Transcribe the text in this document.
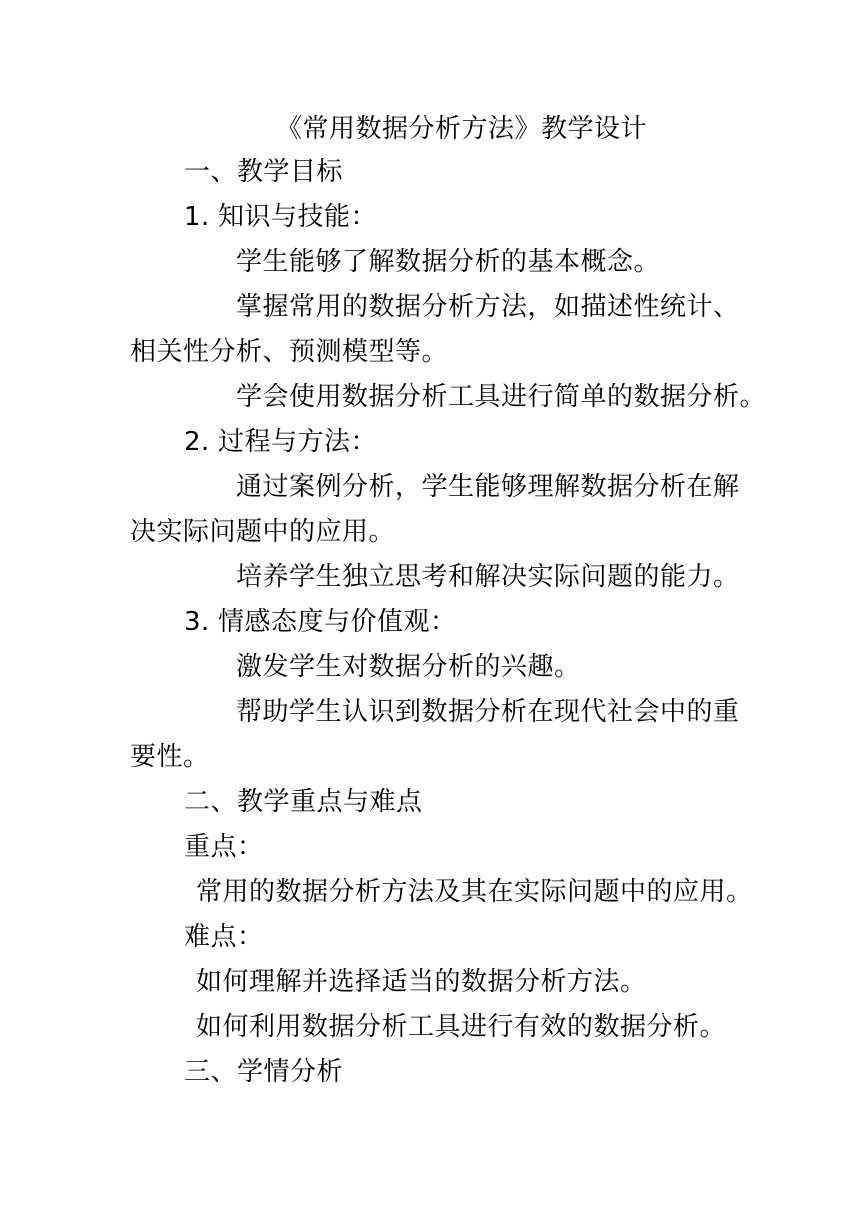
《常用数据分析方法》教学设计
一、教学目标
1. 知识与技能：
学生能够了解数据分析的基本概念。
掌握常用的数据分析方法，如描述性统计、
相关性分析、预测模型等。
学会使用数据分析工具进行简单的数据分析。
2. 过程与方法：
通过案例分析，学生能够理解数据分析在解
决实际问题中的应用。
培养学生独立思考和解决实际问题的能力。
3. 情感态度与价值观：
激发学生对数据分析的兴趣。
帮助学生认识到数据分析在现代社会中的重
要性。
二、教学重点与难点
重点：
常用的数据分析方法及其在实际问题中的应用。
难点：
如何理解并选择适当的数据分析方法。
如何利用数据分析工具进行有效的数据分析。
三、学情分析
